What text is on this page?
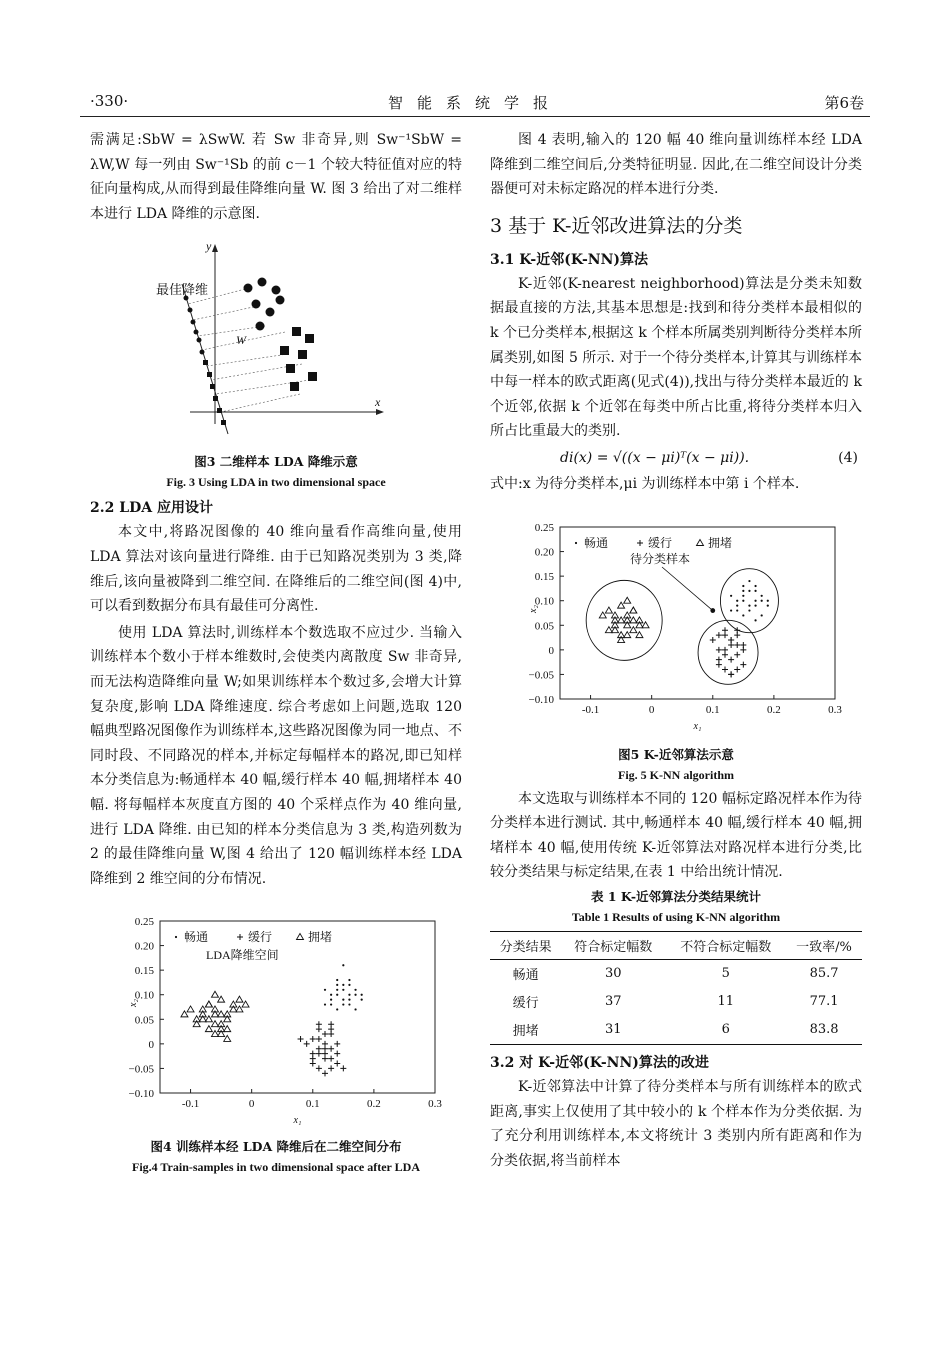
·330·	智能系统学报	第6卷

需满足:SbW = λSwW. 若 Sw 非奇异,则 Sw⁻¹SbW = λW,W 每一列由 Sw⁻¹Sb 的前 c－1 个较大特征值对应的特征向量构成,从而得到最佳降维向量 W. 图 3 给出了对二维样本进行 LDA 降维的示意图.

最佳降维
W
y
x
图3 二维样本 LDA 降维示意
Fig. 3 Using LDA in two dimensional space
2.2 LDA 应用设计

本文中,将路况图像的 40 维向量看作高维向量,使用 LDA 算法对该向量进行降维. 由于已知路况类别为 3 类,降维后,该向量被降到二维空间. 在降维后的二维空间(图 4)中,可以看到数据分布具有最佳可分离性.

使用 LDA 算法时,训练样本个数选取不应过少. 当输入训练样本个数小于样本维数时,会使类内离散度 Sw 非奇异,而无法构造降维向量 W;如果训练样本个数过多,会增大计算复杂度,影响 LDA 降维速度. 综合考虑如上问题,选取 120 幅典型路况图像作为训练样本,这些路况图像为同一地点、不同时段、不同路况的样本,并标定每幅样本的路况,即已知样本分类信息为:畅通样本 40 幅,缓行样本 40 幅,拥堵样本 40 幅. 将每幅样本灰度直方图的 40 个采样点作为 40 维向量,进行 LDA 降维. 由已知的样本分类信息为 3 类,构造列数为 2 的最佳降维向量 W,图 4 给出了 120 幅训练样本经 LDA 降维到 2 维空间的分布情况.

0.25
0.20
0.15
0.10
0.05
0
−0.05
−0.10
-0.1	0	0.1	0.2	0.3
x₁
x₂
畅通	缓行	拥堵
LDA降维空间
图4 训练样本经 LDA 降维后在二维空间分布
Fig.4 Train-samples in two dimensional space after LDA

图 4 表明,输入的 120 幅 40 维向量训练样本经 LDA 降维到二维空间后,分类特征明显. 因此,在二维空间设计分类器便可对未标定路况的样本进行分类.

3 基于 K-近邻改进算法的分类
3.1 K-近邻(K-NN)算法

K-近邻(K-nearest neighborhood)算法是分类未知数据最直接的方法,其基本思想是:找到和待分类样本最相似的 k 个已分类样本,根据这 k 个样本所属类别判断待分类样本所属类别,如图 5 所示. 对于一个待分类样本,计算其与训练样本中每一样本的欧式距离(见式(4)),找出与待分类样本最近的 k 个近邻,依据 k 个近邻在每类中所占比重,将待分类样本归入所占比重最大的类别.

di(x) = √((x − μi)ᵀ(x − μi)).	(4)

式中:x 为待分类样本,μi 为训练样本中第 i 个样本.

0.25
0.20
0.15
0.10
0.05
0
−0.05
−0.10
-0.1	0	0.1	0.2	0.3
x₁
x₂
畅通	缓行	拥堵
待分类样本
图5 K-近邻算法示意
Fig. 5 K-NN algorithm

本文选取与训练样本不同的 120 幅标定路况样本作为待分类样本进行测试. 其中,畅通样本 40 幅,缓行样本 40 幅,拥堵样本 40 幅,使用传统 K-近邻算法对路况样本进行分类,比较分类结果与标定结果,在表 1 中给出统计情况.

表 1 K-近邻算法分类结果统计
Table 1 Results of using K-NN algorithm
分类结果	符合标定幅数	不符合标定幅数	一致率/%
畅通	30	5	85.7
缓行	37	11	77.1
拥堵	31	6	83.8
3.2 对 K-近邻(K-NN)算法的改进

K-近邻算法中计算了待分类样本与所有训练样本的欧式距离,事实上仅使用了其中较小的 k 个样本作为分类依据. 为了充分利用训练样本,本文将统计 3 类别内所有距离和作为分类依据,将当前样本
